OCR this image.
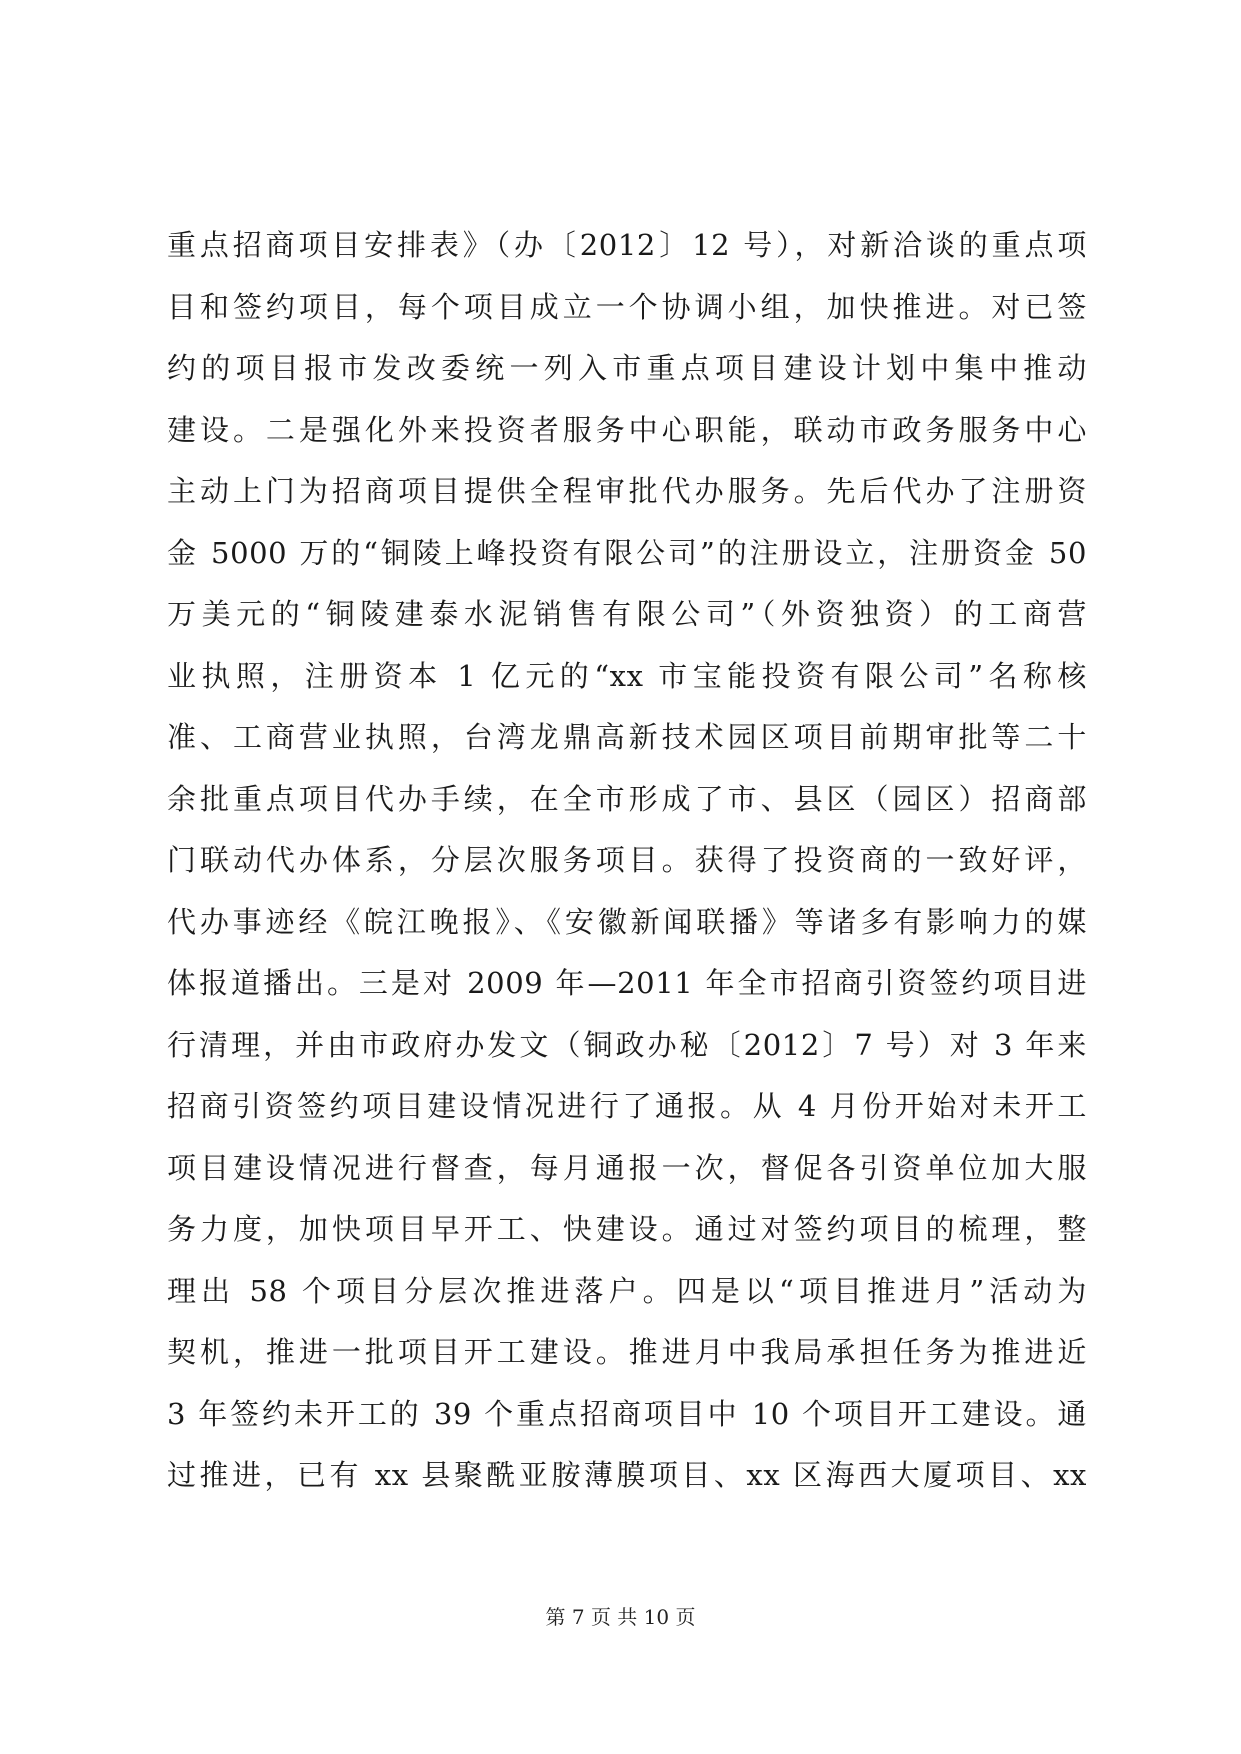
重点招商项目安排表》（办〔2012〕12 号），对新洽谈的重点项
目和签约项目，每个项目成立一个协调小组，加快推进。对已签
约的项目报市发改委统一列入市重点项目建设计划中集中推动
建设。二是强化外来投资者服务中心职能，联动市政务服务中心
主动上门为招商项目提供全程审批代办服务。先后代办了注册资
金 5000 万的“铜陵上峰投资有限公司”的注册设立，注册资金 50
万美元的“铜陵建泰水泥销售有限公司”（外资独资）的工商营
业执照，注册资本 1 亿元的“xx 市宝能投资有限公司”名称核
准、工商营业执照，台湾龙鼎高新技术园区项目前期审批等二十
余批重点项目代办手续，在全市形成了市、县区（园区）招商部
门联动代办体系，分层次服务项目。获得了投资商的一致好评，
代办事迹经《皖江晚报》、《安徽新闻联播》等诸多有影响力的媒
体报道播出。三是对 2009 年—2011 年全市招商引资签约项目进
行清理，并由市政府办发文（铜政办秘〔2012〕7 号）对 3 年来
招商引资签约项目建设情况进行了通报。从 4 月份开始对未开工
项目建设情况进行督查，每月通报一次，督促各引资单位加大服
务力度，加快项目早开工、快建设。通过对签约项目的梳理，整
理出 58 个项目分层次推进落户。四是以“项目推进月”活动为
契机，推进一批项目开工建设。推进月中我局承担任务为推进近
3 年签约未开工的 39 个重点招商项目中 10 个项目开工建设。通
过推进，已有 xx 县聚酰亚胺薄膜项目、xx 区海西大厦项目、xx
第 7 页 共 10 页
